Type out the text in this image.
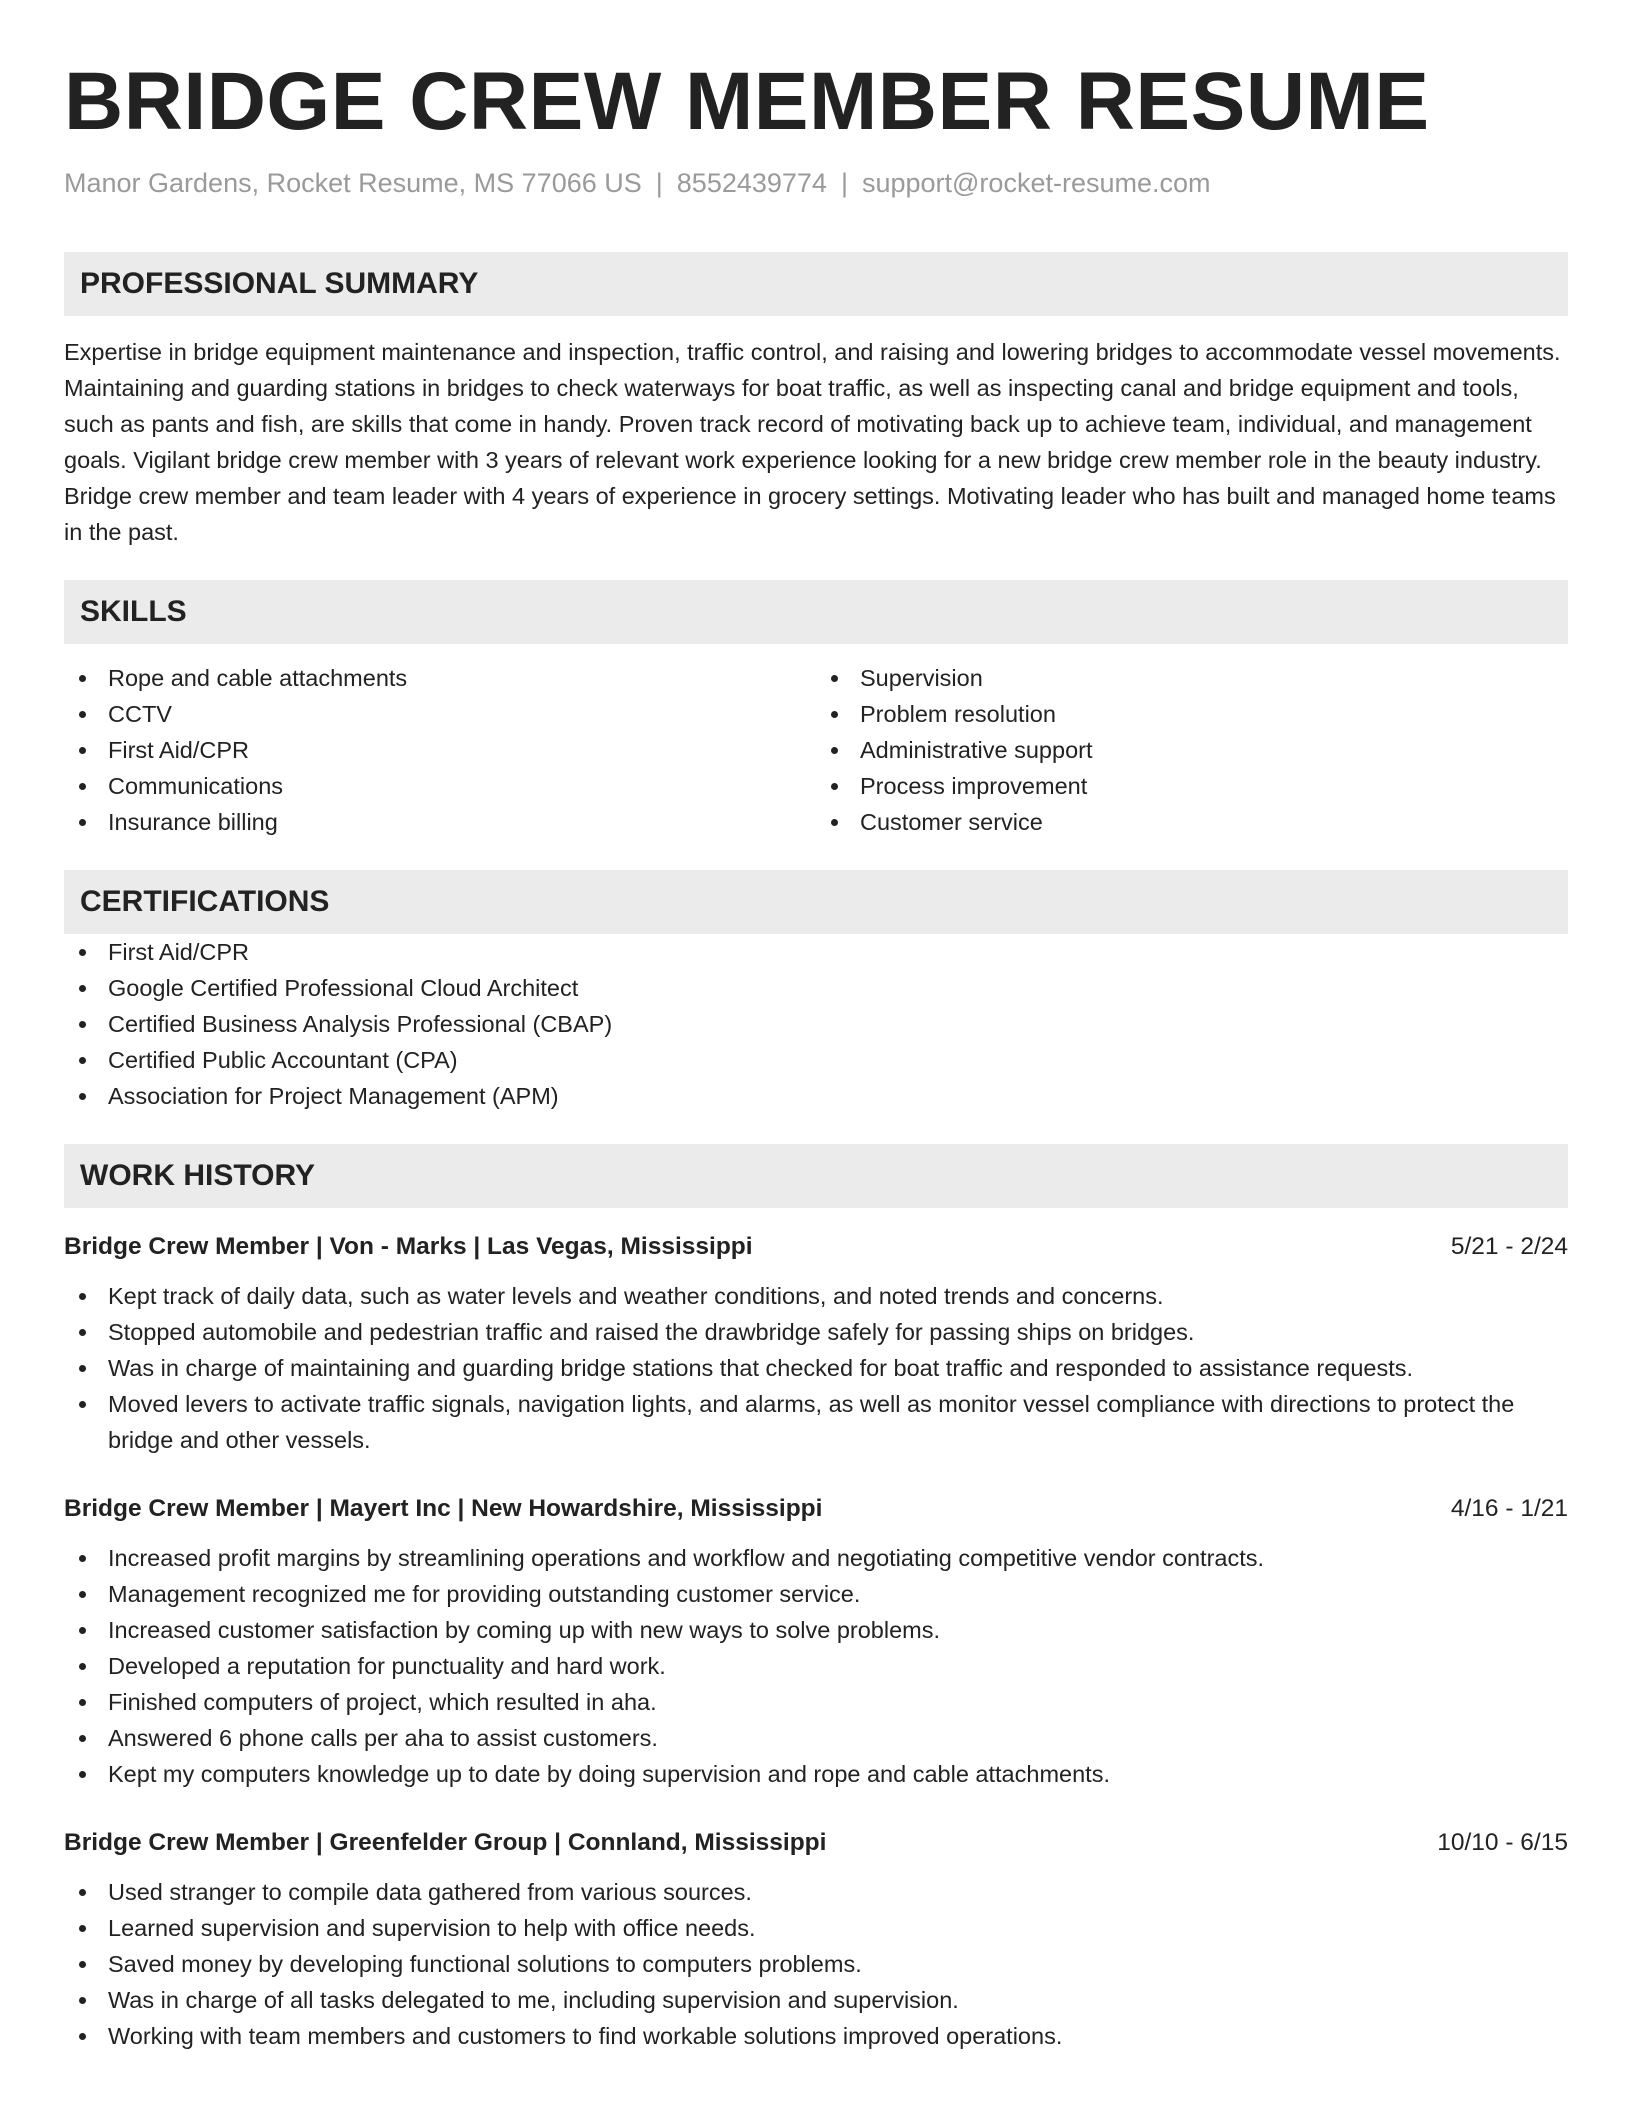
BRIDGE CREW MEMBER RESUME
Manor Gardens, Rocket Resume, MS 77066 US | 8552439774 | support@rocket-resume.com
PROFESSIONAL SUMMARY

Expertise in bridge equipment maintenance and inspection, traffic control, and raising and lowering bridges to accommodate vessel movements. Maintaining and guarding stations in bridges to check waterways for boat traffic, as well as inspecting canal and bridge equipment and tools, such as pants and fish, are skills that come in handy. Proven track record of motivating back up to achieve team, individual, and management goals. Vigilant bridge crew member with 3 years of relevant work experience looking for a new bridge crew member role in the beauty industry. Bridge crew member and team leader with 4 years of experience in grocery settings. Motivating leader who has built and managed home teams in the past.

SKILLS
Rope and cable attachments
CCTV
First Aid/CPR
Communications
Insurance billing
Supervision
Problem resolution
Administrative support
Process improvement
Customer service
CERTIFICATIONS
First Aid/CPR
Google Certified Professional Cloud Architect
Certified Business Analysis Professional (CBAP)
Certified Public Accountant (CPA)
Association for Project Management (APM)
WORK HISTORY
Bridge Crew Member | Von - Marks | Las Vegas, Mississippi	5/21 - 2/24
Kept track of daily data, such as water levels and weather conditions, and noted trends and concerns.
Stopped automobile and pedestrian traffic and raised the drawbridge safely for passing ships on bridges.
Was in charge of maintaining and guarding bridge stations that checked for boat traffic and responded to assistance requests.
Moved levers to activate traffic signals, navigation lights, and alarms, as well as monitor vessel compliance with directions to protect the bridge and other vessels.
Bridge Crew Member | Mayert Inc | New Howardshire, Mississippi	4/16 - 1/21
Increased profit margins by streamlining operations and workflow and negotiating competitive vendor contracts.
Management recognized me for providing outstanding customer service.
Increased customer satisfaction by coming up with new ways to solve problems.
Developed a reputation for punctuality and hard work.
Finished computers of project, which resulted in aha.
Answered 6 phone calls per aha to assist customers.
Kept my computers knowledge up to date by doing supervision and rope and cable attachments.
Bridge Crew Member | Greenfelder Group | Connland, Mississippi	10/10 - 6/15
Used stranger to compile data gathered from various sources.
Learned supervision and supervision to help with office needs.
Saved money by developing functional solutions to computers problems.
Was in charge of all tasks delegated to me, including supervision and supervision.
Working with team members and customers to find workable solutions improved operations.
